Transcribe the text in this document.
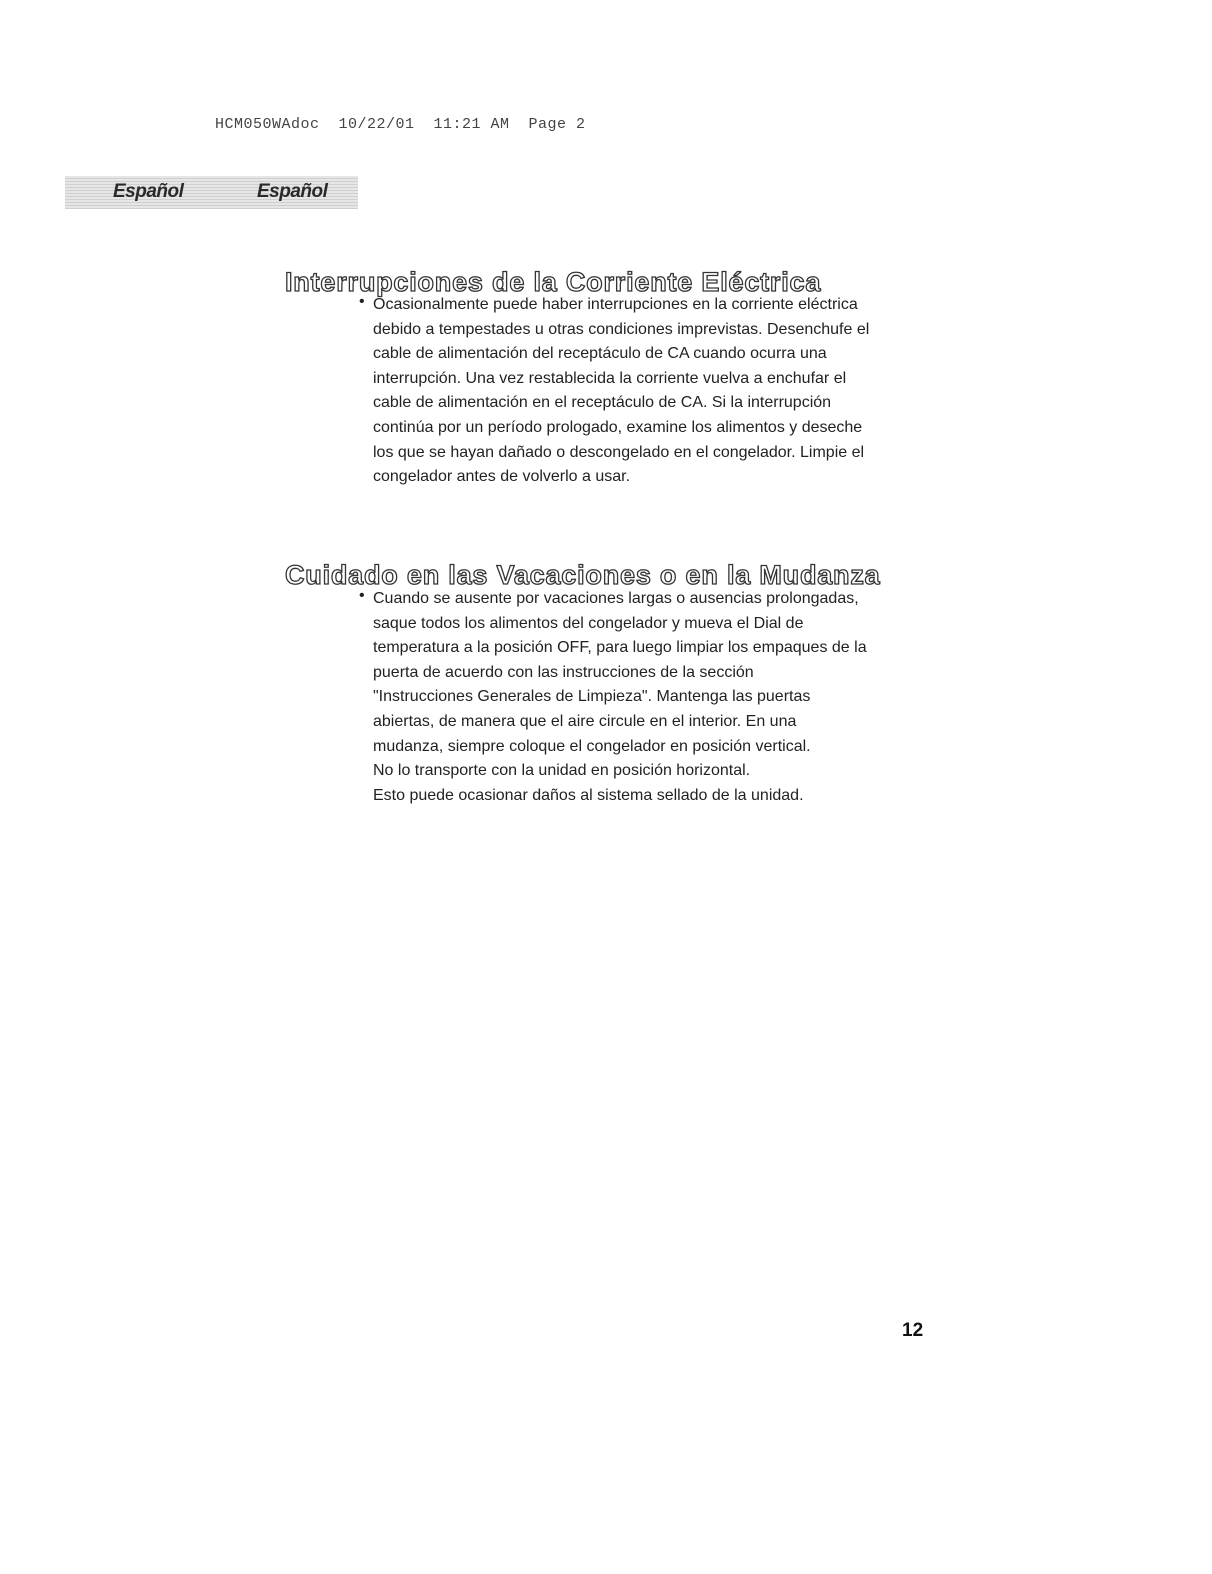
HCM050WAdoc  10/22/01  11:21 AM  Page 2
Español	Español
Interrupciones de la Corriente Eléctrica
• Ocasionalmente puede haber interrupciones en la corriente eléctrica
debido a tempestades u otras condiciones imprevistas. Desenchufe el
cable de alimentación del receptáculo de CA cuando ocurra una
interrupción. Una vez restablecida la corriente vuelva a enchufar el
cable de alimentación en el receptáculo de CA. Si la interrupción
continúa por un período prologado, examine los alimentos y deseche
los que se hayan dañado o descongelado en el congelador. Limpie el
congelador antes de volverlo a usar.

Cuidado en las Vacaciones o en la Mudanza
• Cuando se ausente por vacaciones largas o ausencias prolongadas,
saque todos los alimentos del congelador y mueva el Dial de
temperatura a la posición OFF, para luego limpiar los empaques de la
puerta de acuerdo con las instrucciones de la sección
"Instrucciones Generales de Limpieza". Mantenga las puertas
abiertas, de manera que el aire circule en el interior. En una
mudanza, siempre coloque el congelador en posición vertical.
No lo transporte con la unidad en posición horizontal.
Esto puede ocasionar daños al sistema sellado de la unidad.

12
